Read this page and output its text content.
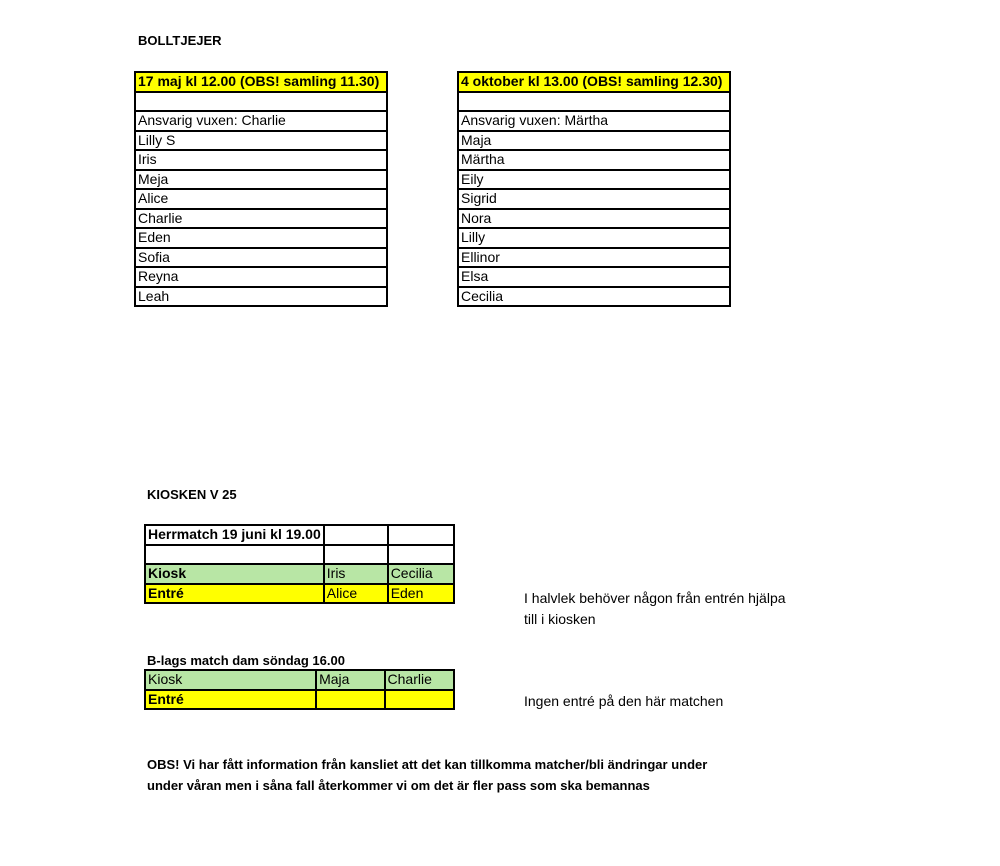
BOLLTJEJER
17 maj kl 12.00 (OBS! samling 11.30)

Ansvarig vuxen: Charlie
Lilly S
Iris
Meja
Alice
Charlie
Eden
Sofia
Reyna
Leah
4 oktober kl 13.00 (OBS! samling 12.30)

Ansvarig vuxen: Märtha
Maja
Märtha
Eily
Sigrid
Nora
Lilly
Ellinor
Elsa
Cecilia
KIOSKEN V 25
Herrmatch 19 juni kl 19.00		

Kiosk	Iris	Cecilia
Entré	Alice	Eden	I halvlek behöver någon från entrén hjälpa
till i kiosken
B-lags match dam söndag 16.00
Kiosk	Maja	Charlie
Entré			Ingen entré på den här matchen
OBS! Vi har fått information från kansliet att det kan tillkomma matcher/bli ändringar under
under våran men i såna fall återkommer vi om det är fler pass som ska bemannas
